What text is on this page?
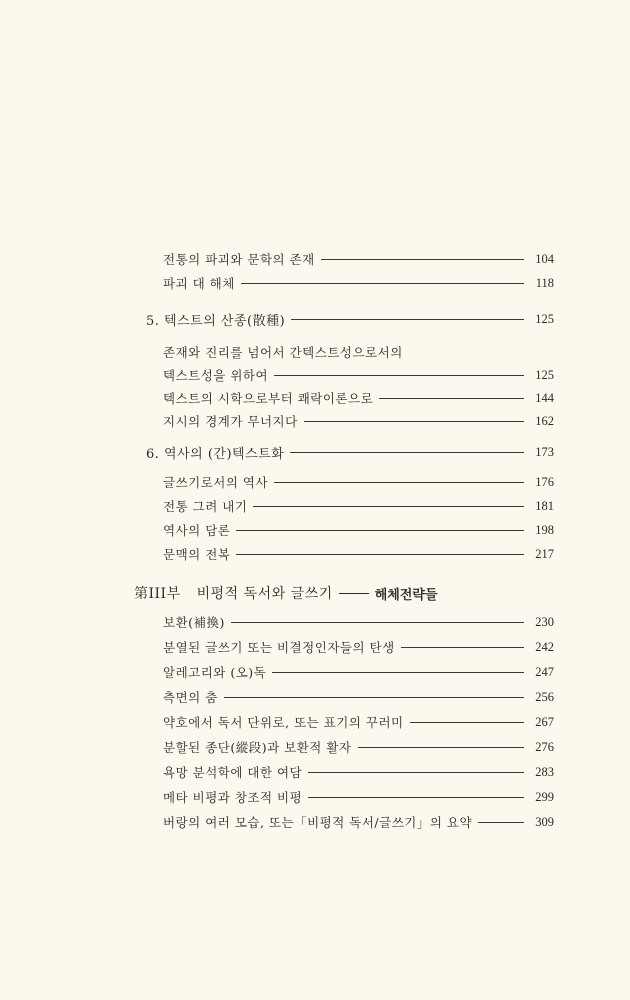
전통의 파괴와 문학의 존재	104
파괴 대 해체	118
5. 텍스트의 산종(散種)	125
존재와 진리를 넘어서 간텍스트성으로서의
텍스트성을 위하여	125
텍스트의 시학으로부터 쾌락이론으로	144
지시의 경계가 무너지다	162
6. 역사의 (간)텍스트화	173
글쓰기로서의 역사	176
전통 그려 내기	181
역사의 담론	198
문맥의 전복	217
第III부 비평적 독서와 글쓰기	해체전략들
보환(補換)	230
분열된 글쓰기 또는 비결정인자들의 탄생	242
알레고리와 (오)독	247
측면의 춤	256
약호에서 독서 단위로, 또는 표기의 꾸러미	267
분할된 종단(縱段)과 보환적 활자	276
욕망 분석학에 대한 여담	283
메타 비평과 창조적 비평	299
버랑의 여러 모습, 또는「비평적 독서/글쓰기」의 요약	309
